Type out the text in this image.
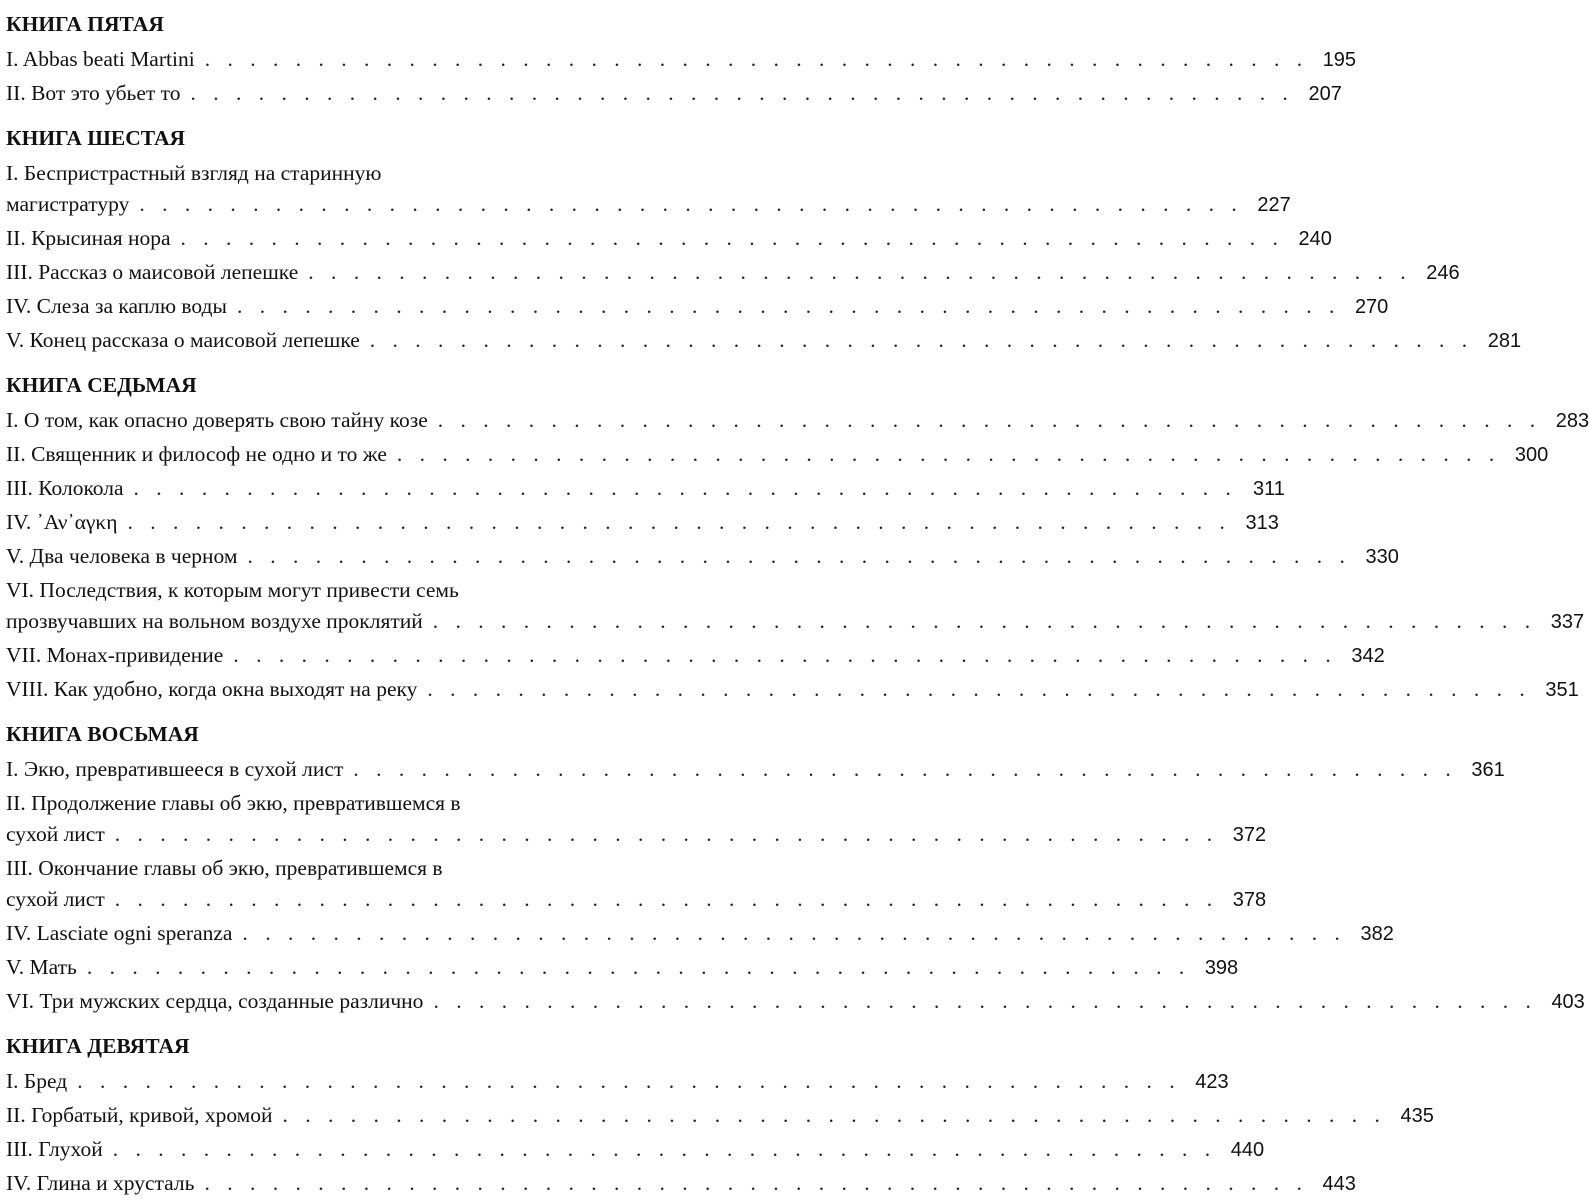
КНИГА ПЯТАЯ
I. Abbas beati Martini . . . . . . . . . . . . . . . . . . . . . . . . . . . . . . . . . . . . . . . . . . . . . . . . . 195
II. Вот это убьет то . . . . . . . . . . . . . . . . . . . . . . . . . . . . . . . . . . . . . . . . . . . . . . . . . 207
КНИГА ШЕСТАЯ
I. Беспристрастный взгляд на старинную
магистратуру . . . . . . . . . . . . . . . . . . . . . . . . . . . . . . . . . . . . . . . . . . . . . . . . . 227
II. Крысиная нора . . . . . . . . . . . . . . . . . . . . . . . . . . . . . . . . . . . . . . . . . . . . . . . . . 240
III. Рассказ о маисовой лепешке . . . . . . . . . . . . . . . . . . . . . . . . . . . . . . . . . . . . . . . . . . . . . . . . . 246
IV. Слеза за каплю воды . . . . . . . . . . . . . . . . . . . . . . . . . . . . . . . . . . . . . . . . . . . . . . . . . 270
V. Конец рассказа о маисовой лепешке . . . . . . . . . . . . . . . . . . . . . . . . . . . . . . . . . . . . . . . . . . . . . . . . . 281
КНИГА СЕДЬМАЯ
I. О том, как опасно доверять свою тайну козе . . . . . . . . . . . . . . . . . . . . . . . . . . . . . . . . . . . . . . . . . . . . . . . . . 283
II. Священник и философ не одно и то же . . . . . . . . . . . . . . . . . . . . . . . . . . . . . . . . . . . . . . . . . . . . . . . . . 300
III. Колокола . . . . . . . . . . . . . . . . . . . . . . . . . . . . . . . . . . . . . . . . . . . . . . . . . 311
IV. ᾿Αν᾿αγκη . . . . . . . . . . . . . . . . . . . . . . . . . . . . . . . . . . . . . . . . . . . . . . . . . 313
V. Два человека в черном . . . . . . . . . . . . . . . . . . . . . . . . . . . . . . . . . . . . . . . . . . . . . . . . . 330
VI. Последствия, к которым могут привести семь
прозвучавших на вольном воздухе проклятий . . . . . . . . . . . . . . . . . . . . . . . . . . . . . . . . . . . . . . . . . . . . . . . . . 337
VII. Монах-привидение . . . . . . . . . . . . . . . . . . . . . . . . . . . . . . . . . . . . . . . . . . . . . . . . . 342
VIII. Как удобно, когда окна выходят на реку . . . . . . . . . . . . . . . . . . . . . . . . . . . . . . . . . . . . . . . . . . . . . . . . . 351
КНИГА ВОСЬМАЯ
I. Экю, превратившееся в сухой лист . . . . . . . . . . . . . . . . . . . . . . . . . . . . . . . . . . . . . . . . . . . . . . . . . 361
II. Продолжение главы об экю, превратившемся в
сухой лист . . . . . . . . . . . . . . . . . . . . . . . . . . . . . . . . . . . . . . . . . . . . . . . . . 372
III. Окончание главы об экю, превратившемся в
сухой лист . . . . . . . . . . . . . . . . . . . . . . . . . . . . . . . . . . . . . . . . . . . . . . . . . 378
IV. Lasciate ogni speranza . . . . . . . . . . . . . . . . . . . . . . . . . . . . . . . . . . . . . . . . . . . . . . . . . 382
V. Мать . . . . . . . . . . . . . . . . . . . . . . . . . . . . . . . . . . . . . . . . . . . . . . . . . 398
VI. Три мужских сердца, созданные различно . . . . . . . . . . . . . . . . . . . . . . . . . . . . . . . . . . . . . . . . . . . . . . . . . 403
КНИГА ДЕВЯТАЯ
I. Бред . . . . . . . . . . . . . . . . . . . . . . . . . . . . . . . . . . . . . . . . . . . . . . . . . 423
II. Горбатый, кривой, хромой . . . . . . . . . . . . . . . . . . . . . . . . . . . . . . . . . . . . . . . . . . . . . . . . . 435
III. Глухой . . . . . . . . . . . . . . . . . . . . . . . . . . . . . . . . . . . . . . . . . . . . . . . . . 440
IV. Глина и хрусталь . . . . . . . . . . . . . . . . . . . . . . . . . . . . . . . . . . . . . . . . . . . . . . . . . 443
